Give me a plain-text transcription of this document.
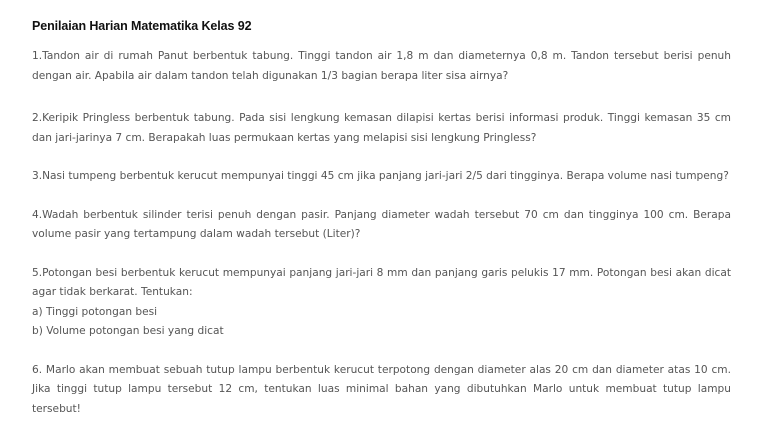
Penilaian Harian Matematika Kelas 92

1.Tandon air di rumah Panut berbentuk tabung. Tinggi tandon air 1,8 m dan diameternya 0,8 m. Tandon tersebut berisi penuh dengan air. Apabila air dalam tandon telah digunakan 1/3 bagian berapa liter sisa airnya?

2.Keripik Pringless berbentuk tabung. Pada sisi lengkung kemasan dilapisi kertas berisi informasi produk. Tinggi kemasan 35 cm dan jari-jarinya 7 cm. Berapakah luas permukaan kertas yang melapisi sisi lengkung Pringless?

3.Nasi tumpeng berbentuk kerucut mempunyai tinggi 45 cm jika panjang jari-jari 2/5 dari tingginya. Berapa volume nasi tumpeng?

4.Wadah berbentuk silinder terisi penuh dengan pasir. Panjang diameter wadah tersebut 70 cm dan tingginya 100 cm. Berapa volume pasir yang tertampung dalam wadah tersebut (Liter)?

5.Potongan besi berbentuk kerucut mempunyai panjang jari-jari 8 mm dan panjang garis pelukis 17 mm. Potongan besi akan dicat agar tidak berkarat. Tentukan:

a) Tinggi potongan besi
b) Volume potongan besi yang dicat

6. Marlo akan membuat sebuah tutup lampu berbentuk kerucut terpotong dengan diameter alas 20 cm dan diameter atas 10 cm. Jika tinggi tutup lampu tersebut 12 cm, tentukan luas minimal bahan yang dibutuhkan Marlo untuk membuat tutup lampu tersebut!
